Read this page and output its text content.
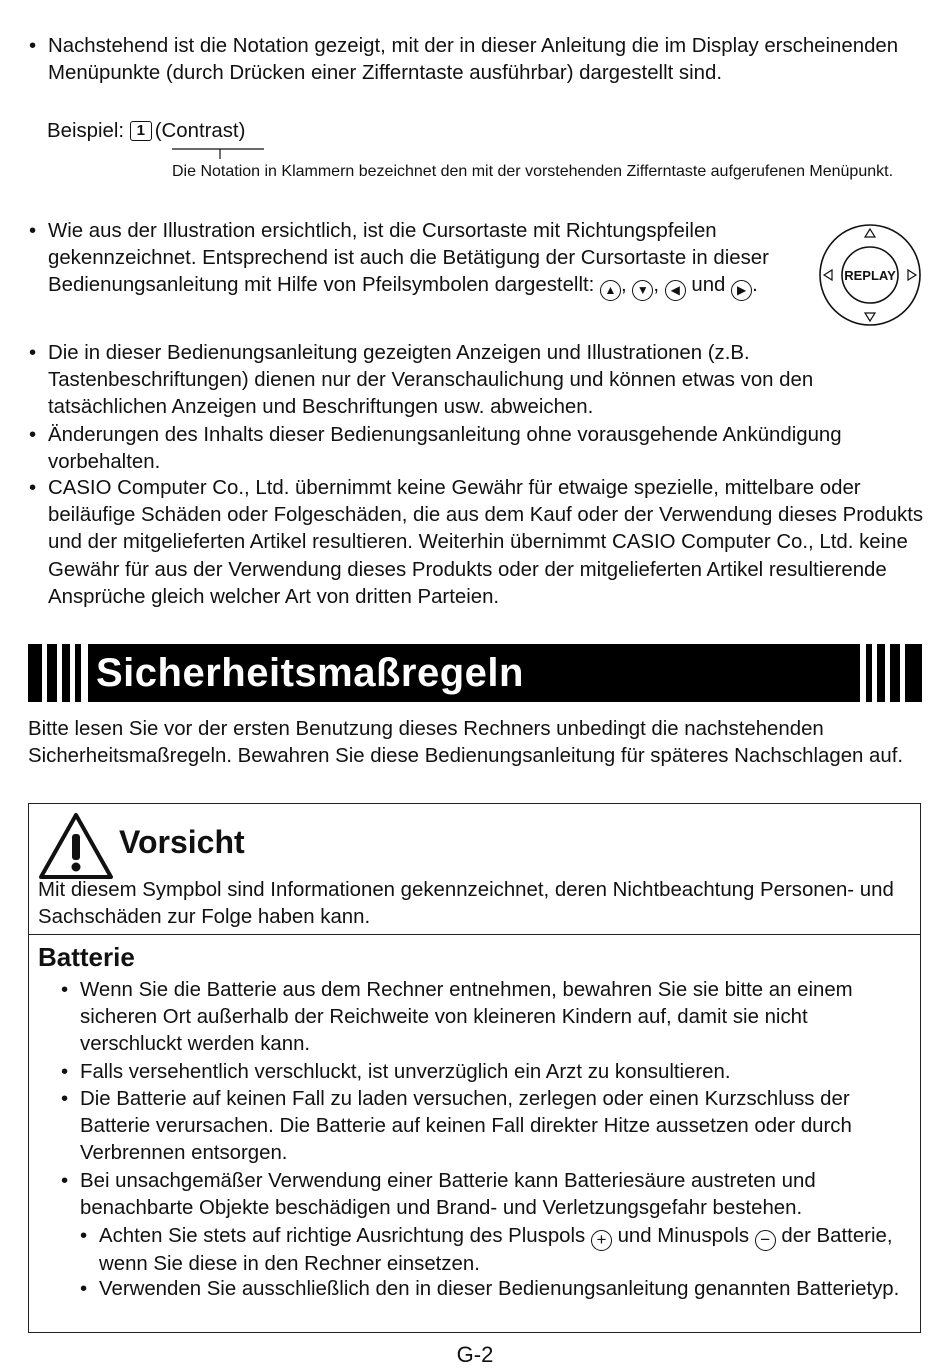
• Nachstehend ist die Notation gezeigt, mit der in dieser Anleitung die im Display erscheinenden Menüpunkte (durch Drücken einer Zifferntaste ausführbar) dargestellt sind.
Beispiel: 1 (Contrast)
Die Notation in Klammern bezeichnet den mit der vorstehenden Zifferntaste aufgerufenen Menüpunkt.
• Wie aus der Illustration ersichtlich, ist die Cursortaste mit Richtungspfeilen gekennzeichnet. Entsprechend ist auch die Betätigung der Cursortaste in dieser Bedienungsanleitung mit Hilfe von Pfeilsymbolen dargestellt: ▲ , ▼ , ◀ und ▶ .	REPLAY
• Die in dieser Bedienungsanleitung gezeigten Anzeigen und Illustrationen (z.B. Tastenbeschriftungen) dienen nur der Veranschaulichung und können etwas von den tatsächlichen Anzeigen und Beschriftungen usw. abweichen.
• Änderungen des Inhalts dieser Bedienungsanleitung ohne vorausgehende Ankündigung vorbehalten.
• CASIO Computer Co., Ltd. übernimmt keine Gewähr für etwaige spezielle, mittelbare oder beiläufige Schäden oder Folgeschäden, die aus dem Kauf oder der Verwendung dieses Produkts und der mitgelieferten Artikel resultieren. Weiterhin übernimmt CASIO Computer Co., Ltd. keine Gewähr für aus der Verwendung dieses Produkts oder der mitgelieferten Artikel resultierende Ansprüche gleich welcher Art von dritten Parteien.
Sicherheitsmaßregeln
Bitte lesen Sie vor der ersten Benutzung dieses Rechners unbedingt die nachstehenden Sicherheitsmaßregeln. Bewahren Sie diese Bedienungsanleitung für späteres Nachschlagen auf.
Vorsicht
Mit diesem Sympbol sind Informationen gekennzeichnet, deren Nichtbeachtung Personen- und Sachschäden zur Folge haben kann.
Batterie
• Wenn Sie die Batterie aus dem Rechner entnehmen, bewahren Sie sie bitte an einem sicheren Ort außerhalb der Reichweite von kleineren Kindern auf, damit sie nicht verschluckt werden kann.
• Falls versehentlich verschluckt, ist unverzüglich ein Arzt zu konsultieren.
• Die Batterie auf keinen Fall zu laden versuchen, zerlegen oder einen Kurzschluss der Batterie verursachen. Die Batterie auf keinen Fall direkter Hitze aussetzen oder durch Verbrennen entsorgen.
• Bei unsachgemäßer Verwendung einer Batterie kann Batteriesäure austreten und benachbarte Objekte beschädigen und Brand- und Verletzungsgefahr bestehen.
• Achten Sie stets auf richtige Ausrichtung des Pluspols + und Minuspols − der Batterie, wenn Sie diese in den Rechner einsetzen.
• Verwenden Sie ausschließlich den in dieser Bedienungsanleitung genannten Batterietyp.
G-2
